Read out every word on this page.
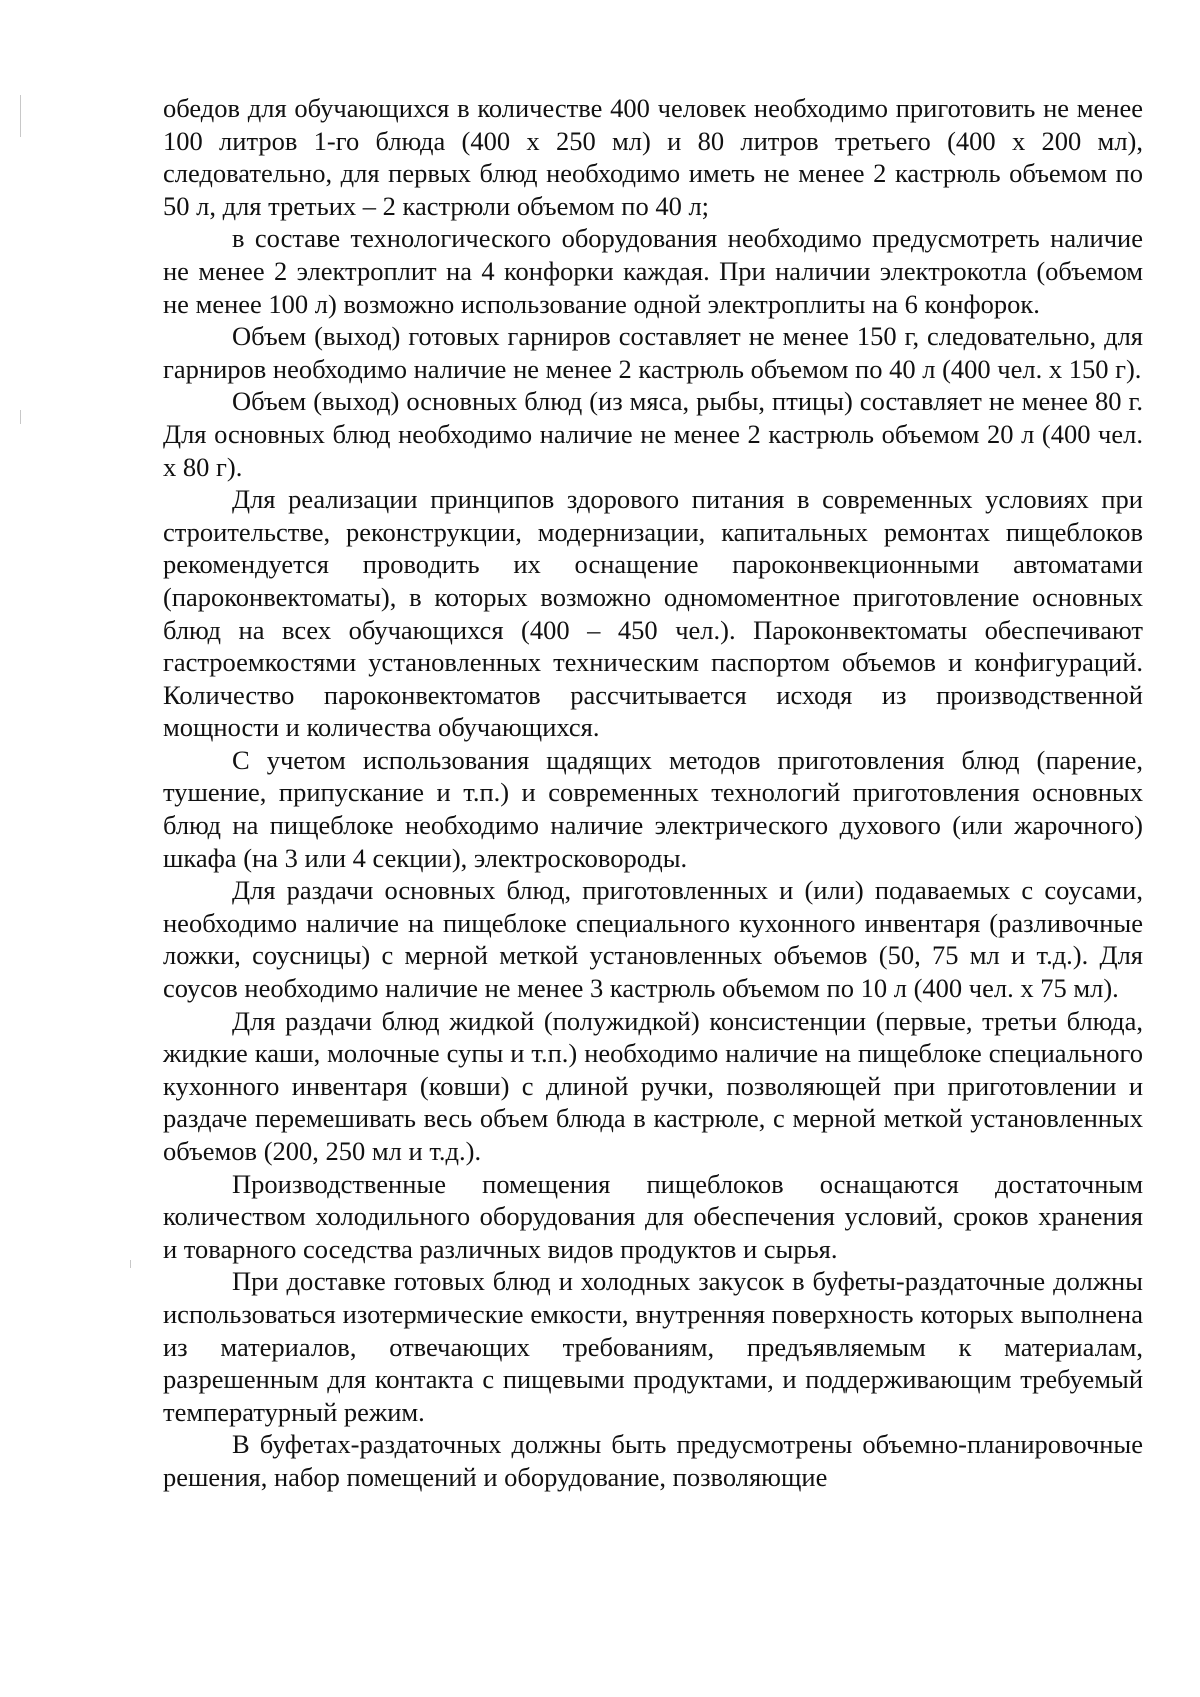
обедов для обучающихся в количестве 400 человек необходимо приготовить не менее 100 литров 1-го блюда (400 х 250 мл) и 80 литров третьего (400 х 200 мл), следовательно, для первых блюд необходимо иметь не менее 2 кастрюль объемом по 50 л, для третьих – 2 кастрюли объемом по 40 л;

в составе технологического оборудования необходимо предусмотреть наличие не менее 2 электроплит на 4 конфорки каждая. При наличии электрокотла (объемом не менее 100 л) возможно использование одной электроплиты на 6 конфорок.

Объем (выход) готовых гарниров составляет не менее 150 г, следовательно, для гарниров необходимо наличие не менее 2 кастрюль объемом по 40 л (400 чел. х 150 г).

Объем (выход) основных блюд (из мяса, рыбы, птицы) составляет не менее 80 г. Для основных блюд необходимо наличие не менее 2 кастрюль объемом 20 л (400 чел. х 80 г).

Для реализации принципов здорового питания в современных условиях при строительстве, реконструкции, модернизации, капитальных ремонтах пищеблоков рекомендуется проводить их оснащение пароконвекционными автоматами (пароконвектоматы), в которых возможно одномоментное приготовление основных блюд на всех обучающихся (400 – 450 чел.). Пароконвектоматы обеспечивают гастроемкостями установленных техническим паспортом объемов и конфигураций. Количество пароконвектоматов рассчитывается исходя из производственной мощности и количества обучающихся.

С учетом использования щадящих методов приготовления блюд (парение, тушение, припускание и т.п.) и современных технологий приготовления основных блюд на пищеблоке необходимо наличие электрического духового (или жарочного) шкафа (на 3 или 4 секции), электросковороды.

Для раздачи основных блюд, приготовленных и (или) подаваемых с соусами, необходимо наличие на пищеблоке специального кухонного инвентаря (разливочные ложки, соусницы) с мерной меткой установленных объемов (50, 75 мл и т.д.). Для соусов необходимо наличие не менее 3 кастрюль объемом по 10 л (400 чел. х 75 мл).

Для раздачи блюд жидкой (полужидкой) консистенции (первые, третьи блюда, жидкие каши, молочные супы и т.п.) необходимо наличие на пищеблоке специального кухонного инвентаря (ковши) с длиной ручки, позволяющей при приготовлении и раздаче перемешивать весь объем блюда в кастрюле, с мерной меткой установленных объемов (200, 250 мл и т.д.).

Производственные помещения пищеблоков оснащаются достаточным количеством холодильного оборудования для обеспечения условий, сроков хранения и товарного соседства различных видов продуктов и сырья.

При доставке готовых блюд и холодных закусок в буфеты-раздаточные должны использоваться изотермические емкости, внутренняя поверхность которых выполнена из материалов, отвечающих требованиям, предъявляемым к материалам, разрешенным для контакта с пищевыми продуктами, и поддерживающим требуемый температурный режим.

В буфетах-раздаточных должны быть предусмотрены объемно-планировочные решения, набор помещений и оборудование, позволяющие
